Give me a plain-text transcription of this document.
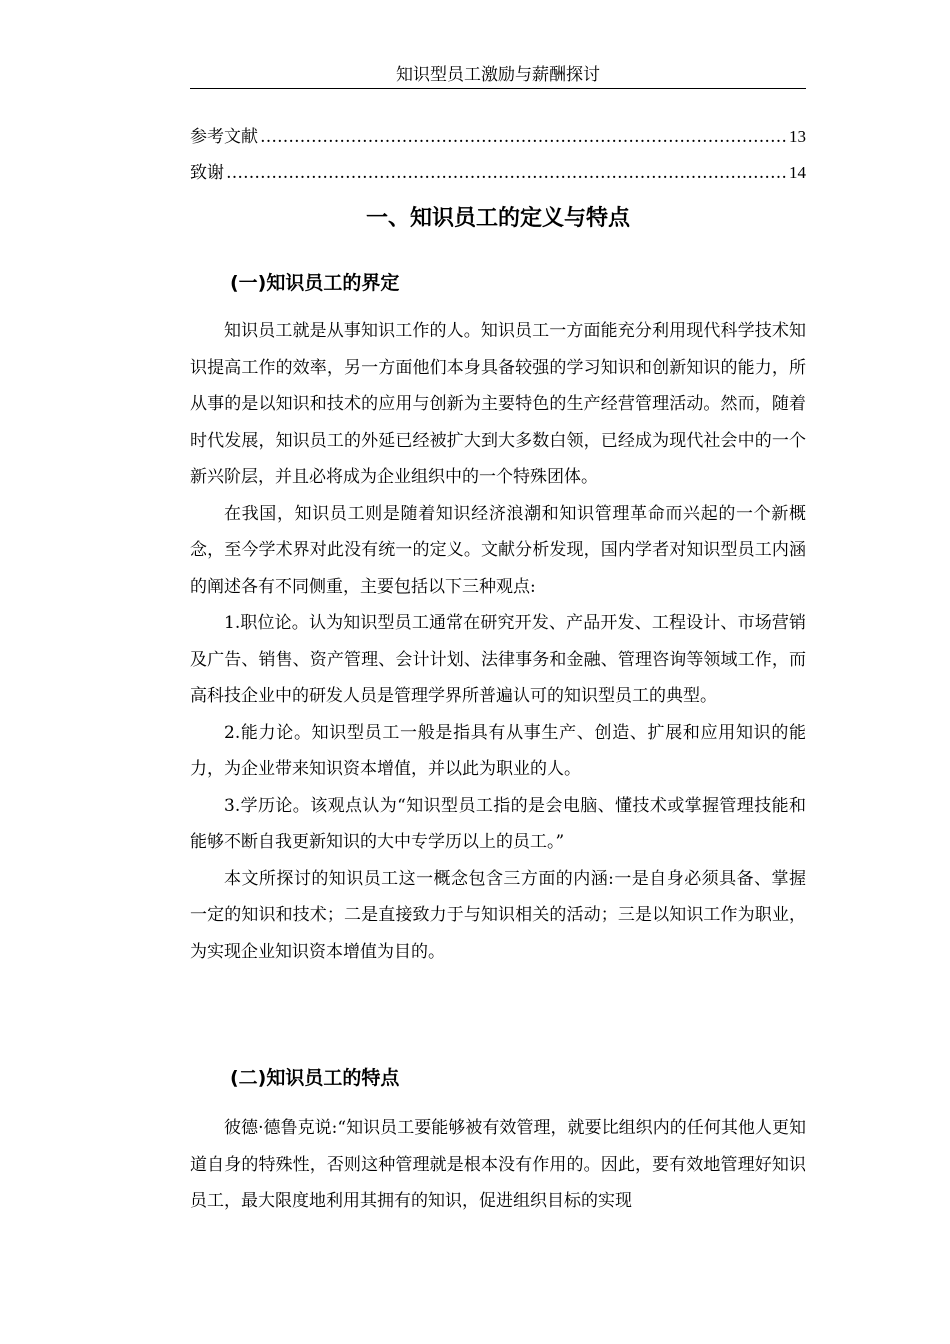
知识型员工激励与薪酬探讨
参考文献 ……………………………………………………………………………………………………………………………………………………………	13
致谢 ……………………………………………………………………………………………………………………………………………………………	14
一、知识员工的定义与特点
(一)知识员工的界定

知识员工就是从事知识工作的人。知识员工一方面能充分利用现代科学技术知识提高工作的效率，另一方面他们本身具备较强的学习知识和创新知识的能力，所从事的是以知识和技术的应用与创新为主要特色的生产经营管理活动。然而，随着时代发展，知识员工的外延已经被扩大到大多数白领，已经成为现代社会中的一个新兴阶层，并且必将成为企业组织中的一个特殊团体。

在我国，知识员工则是随着知识经济浪潮和知识管理革命而兴起的一个新概念，至今学术界对此没有统一的定义。文献分析发现，国内学者对知识型员工内涵的阐述各有不同侧重，主要包括以下三种观点:

1.职位论。认为知识型员工通常在研究开发、产品开发、工程设计、市场营销及广告、销售、资产管理、会计计划、法律事务和金融、管理咨询等领域工作，而高科技企业中的研发人员是管理学界所普遍认可的知识型员工的典型。

2.能力论。知识型员工一般是指具有从事生产、创造、扩展和应用知识的能力，为企业带来知识资本增值，并以此为职业的人。

3.学历论。该观点认为“知识型员工指的是会电脑、懂技术或掌握管理技能和能够不断自我更新知识的大中专学历以上的员工。”

本文所探讨的知识员工这一概念包含三方面的内涵:一是自身必须具备、掌握一定的知识和技术；二是直接致力于与知识相关的活动；三是以知识工作为职业，为实现企业知识资本增值为目的。

(二)知识员工的特点

彼德·德鲁克说:“知识员工要能够被有效管理，就要比组织内的任何其他人更知道自身的特殊性，否则这种管理就是根本没有作用的。因此，要有效地管理好知识员工，最大限度地利用其拥有的知识，促进组织目标的实现
